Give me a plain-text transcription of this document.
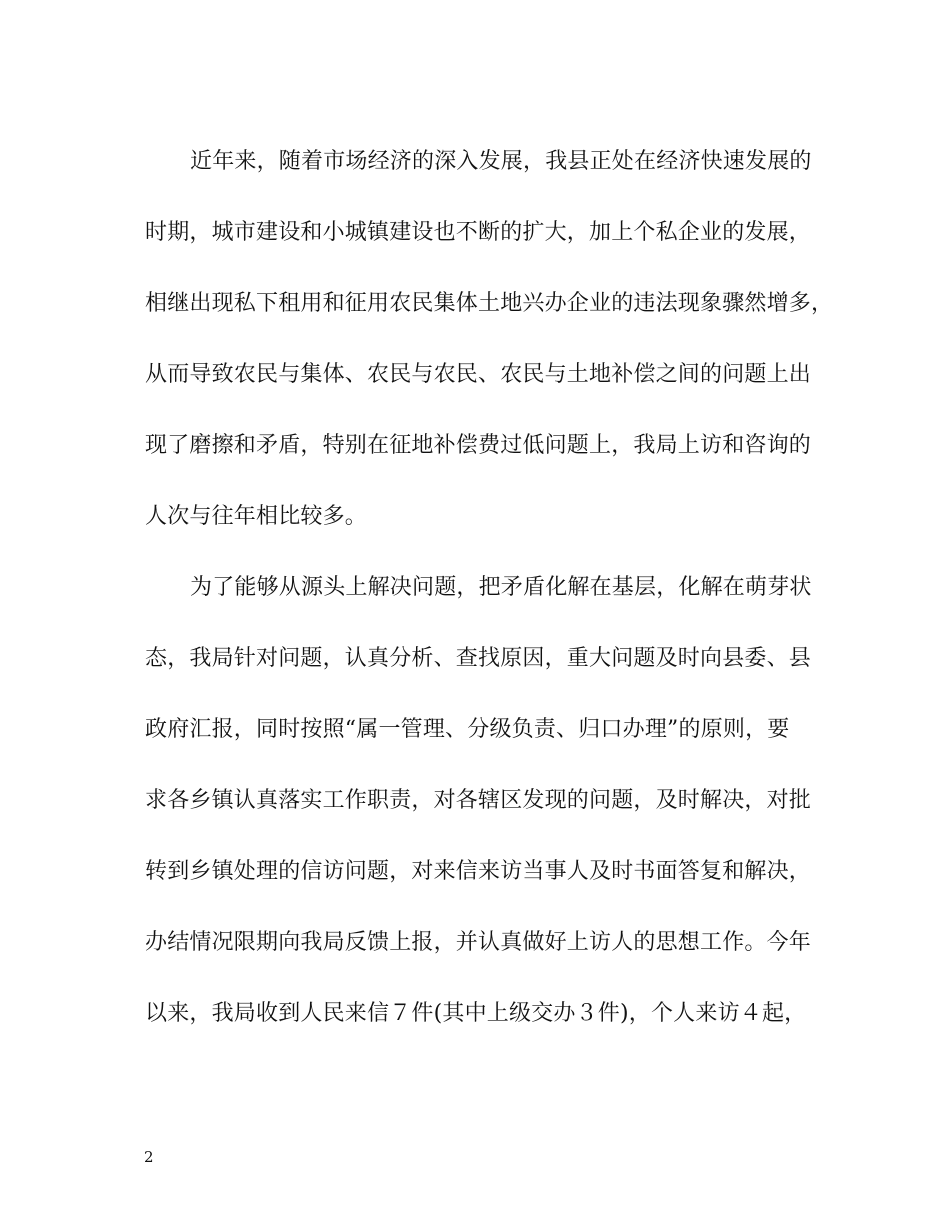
近年来，随着市场经济的深入发展，我县正处在经济快速发展的
时期，城市建设和小城镇建设也不断的扩大，加上个私企业的发展，
相继出现私下租用和征用农民集体土地兴办企业的违法现象骤然增多，
从而导致农民与集体、农民与农民、农民与土地补偿之间的问题上出
现了磨擦和矛盾，特别在征地补偿费过低问题上，我局上访和咨询的
人次与往年相比较多。
为了能够从源头上解决问题，把矛盾化解在基层，化解在萌芽状
态，我局针对问题，认真分析、查找原因，重大问题及时向县委、县
政府汇报，同时按照“属一管理、分级负责、归口办理”的原则，要
求各乡镇认真落实工作职责，对各辖区发现的问题，及时解决，对批
转到乡镇处理的信访问题，对来信来访当事人及时书面答复和解决，
办结情况限期向我局反馈上报，并认真做好上访人的思想工作。今年
以来，我局收到人民来信７件(其中上级交办３件)，个人来访４起，
2
